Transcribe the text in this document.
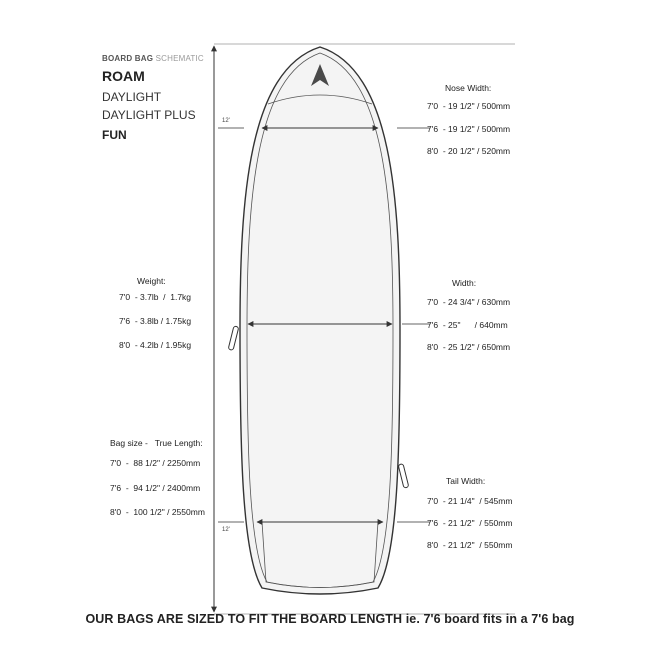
BOARD BAG SCHEMATIC
ROAM
DAYLIGHT
DAYLIGHT PLUS
FUN
12'
12'
Nose Width:
7'0 - 19 1/2" / 500mm
7'6 - 19 1/2" / 500mm
8'0 - 20 1/2" / 520mm
Width:
7'0 - 24 3/4" / 630mm
7'6 - 25"      / 640mm
8'0 - 25 1/2" / 650mm
Tail Width:
7'0 - 21 1/4"  / 545mm
7'6 - 21 1/2"  / 550mm
8'0 - 21 1/2"  / 550mm
Weight:
7'0 - 3.7lb  /  1.7kg
7'6 - 3.8lb / 1.75kg
8'0 - 4.2lb / 1.95kg
Bag size -   True Length:
7'0 -  88 1/2" / 2250mm
7'6 -  94 1/2" / 2400mm
8'0 -  100 1/2" / 2550mm
OUR BAGS ARE SIZED TO FIT THE BOARD LENGTH ie. 7'6 board fits in a 7'6 bag
